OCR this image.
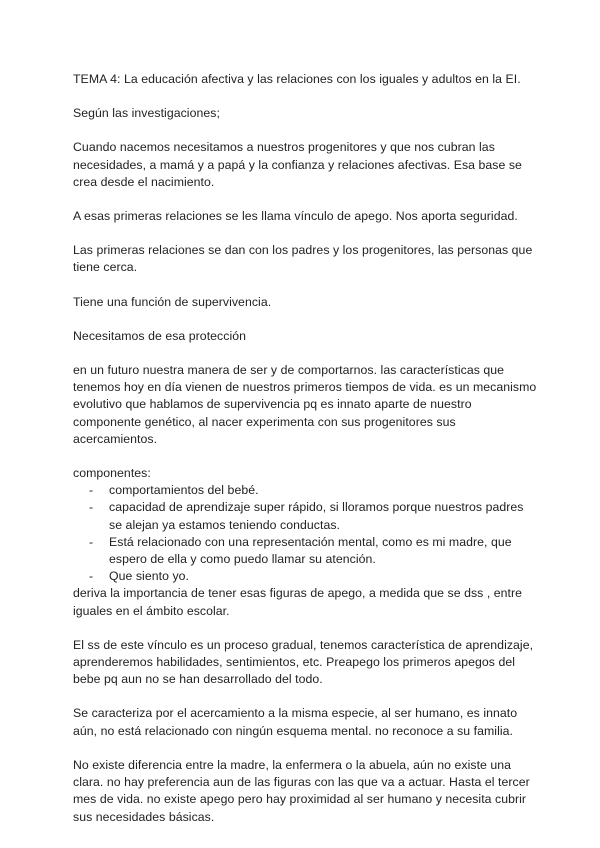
TEMA 4: La educación afectiva y las relaciones con los iguales y adultos en la EI.

Según las investigaciones;

Cuando nacemos necesitamos a nuestros progenitores y que nos cubran las necesidades, a mamá y a papá y la confianza y relaciones afectivas. Esa base se crea desde el nacimiento.

A esas primeras relaciones se les llama vínculo de apego. Nos aporta seguridad.

Las primeras relaciones se dan con los padres y los progenitores, las personas que tiene cerca.

Tiene una función de supervivencia.

Necesitamos de esa protección

en un futuro nuestra manera de ser y de comportarnos. las características que tenemos hoy en día vienen de nuestros primeros tiempos de vida. es un mecanismo evolutivo que hablamos de supervivencia pq es innato aparte de nuestro componente genético, al nacer experimenta con sus progenitores sus acercamientos.

componentes:

- comportamientos del bebé.
- capacidad de aprendizaje super rápido, si lloramos porque nuestros padres se alejan ya estamos teniendo conductas.
- Está relacionado con una representación mental, como es mi madre, que espero de ella y como puedo llamar su atención.
- Que siento yo.

deriva la importancia de tener esas figuras de apego, a medida que se dss , entre iguales en el ámbito escolar.

El ss de este vínculo es un proceso gradual, tenemos característica de aprendizaje, aprenderemos habilidades, sentimientos, etc. Preapego los primeros apegos del bebe pq aun no se han desarrollado del todo.

Se caracteriza por el acercamiento a la misma especie, al ser humano, es innato aún, no está relacionado con ningún esquema mental. no reconoce a su familia.

No existe diferencia entre la madre, la enfermera o la abuela, aún no existe una clara. no hay preferencia aun de las figuras con las que va a actuar. Hasta el tercer mes de vida. no existe apego pero hay proximidad al ser humano y necesita cubrir sus necesidades básicas.
